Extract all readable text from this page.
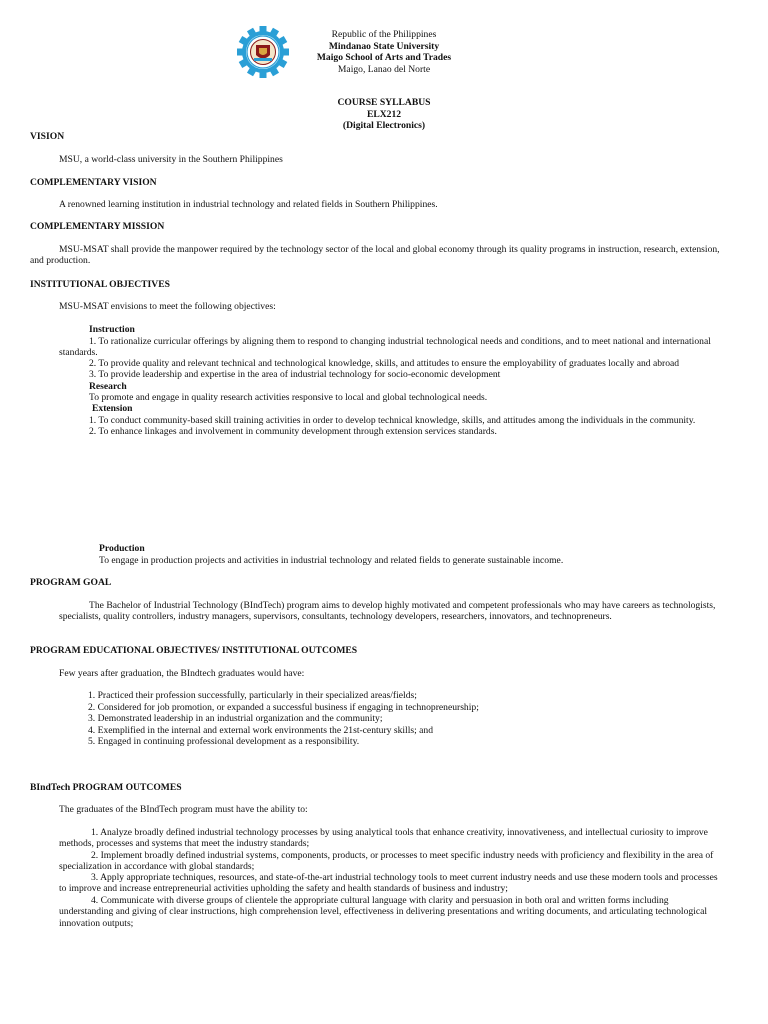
Republic of the Philippines
Mindanao State University
Maigo School of Arts and Trades
Maigo, Lanao del Norte
COURSE SYLLABUS
ELX212
(Digital Electronics)
VISION
MSU, a world-class university in the Southern Philippines
COMPLEMENTARY VISION
A renowned learning institution in industrial technology and related fields in Southern Philippines.
COMPLEMENTARY MISSION
MSU-MSAT shall provide the manpower required by the technology sector of the local and global economy through its quality programs in instruction, research, extension,
and production.
INSTITUTIONAL OBJECTIVES
MSU-MSAT envisions to meet the following objectives:
Instruction
1. To rationalize curricular offerings by aligning them to respond to changing industrial technological needs and conditions, and to meet national and international
standards.
2. To provide quality and relevant technical and technological knowledge, skills, and attitudes to ensure the employability of graduates locally and abroad
3. To provide leadership and expertise in the area of industrial technology for socio-economic development
Research
To promote and engage in quality research activities responsive to local and global technological needs.
Extension
1. To conduct community-based skill training activities in order to develop technical knowledge, skills, and attitudes among the individuals in the community.
2. To enhance linkages and involvement in community development through extension services standards.
Production
To engage in production projects and activities in industrial technology and related fields to generate sustainable income.
PROGRAM GOAL
The Bachelor of Industrial Technology (BIndTech) program aims to develop highly motivated and competent professionals who may have careers as technologists,
specialists, quality controllers, industry managers, supervisors, consultants, technology developers, researchers, innovators, and technopreneurs.
PROGRAM EDUCATIONAL OBJECTIVES/ INSTITUTIONAL OUTCOMES
Few years after graduation, the BIndtech graduates would have:
1. Practiced their profession successfully, particularly in their specialized areas/fields;
2. Considered for job promotion, or expanded a successful business if engaging in technopreneurship;
3. Demonstrated leadership in an industrial organization and the community;
4. Exemplified in the internal and external work environments the 21st-century skills; and
5. Engaged in continuing professional development as a responsibility.
BIndTech PROGRAM OUTCOMES
The graduates of the BIndTech program must have the ability to:
1. Analyze broadly defined industrial technology processes by using analytical tools that enhance creativity, innovativeness, and intellectual curiosity to improve
methods, processes and systems that meet the industry standards;
2. Implement broadly defined industrial systems, components, products, or processes to meet specific industry needs with proficiency and flexibility in the area of
specialization in accordance with global standards;
3. Apply appropriate techniques, resources, and state-of-the-art industrial technology tools to meet current industry needs and use these modern tools and processes
to improve and increase entrepreneurial activities upholding the safety and health standards of business and industry;
4. Communicate with diverse groups of clientele the appropriate cultural language with clarity and persuasion in both oral and written forms including
understanding and giving of clear instructions, high comprehension level, effectiveness in delivering presentations and writing documents, and articulating technological
innovation outputs;
